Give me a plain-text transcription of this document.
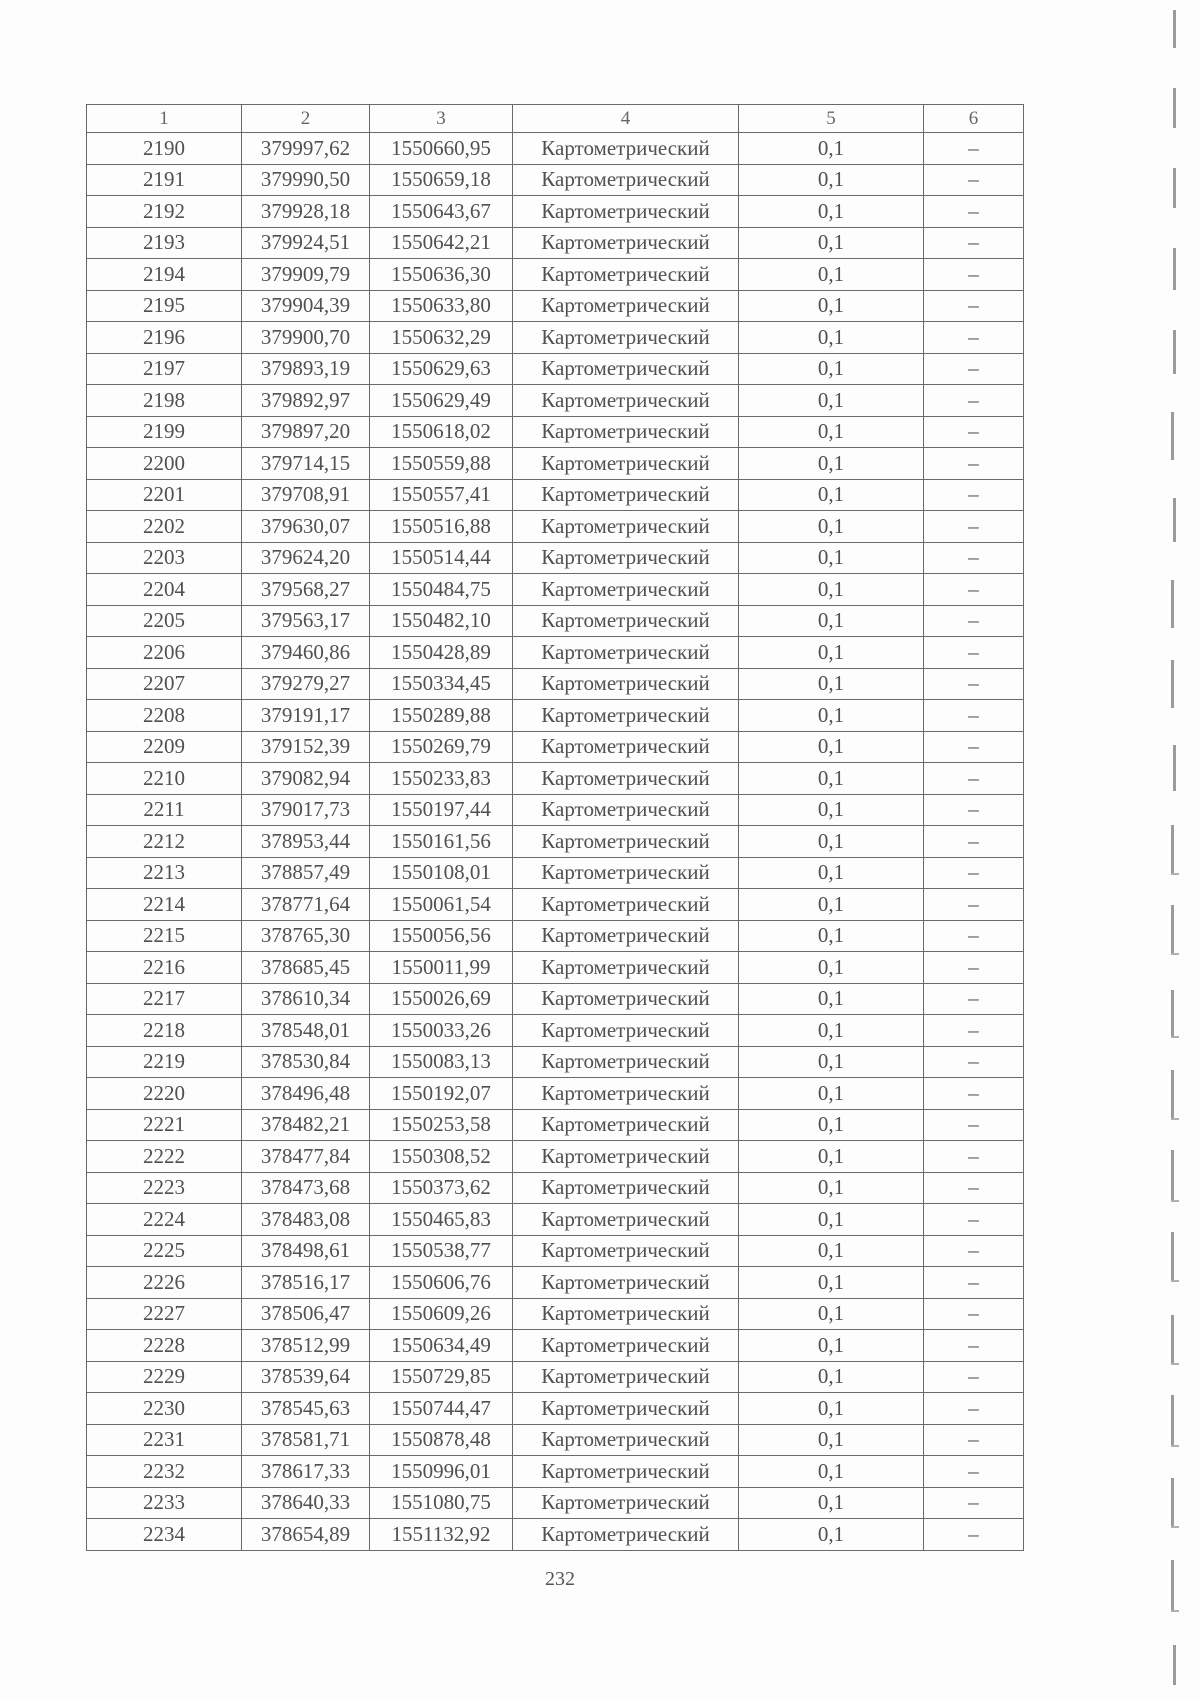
1	2	3	4	5	6
2190	379997,62	1550660,95	Картометрический	0,1	–
2191	379990,50	1550659,18	Картометрический	0,1	–
2192	379928,18	1550643,67	Картометрический	0,1	–
2193	379924,51	1550642,21	Картометрический	0,1	–
2194	379909,79	1550636,30	Картометрический	0,1	–
2195	379904,39	1550633,80	Картометрический	0,1	–
2196	379900,70	1550632,29	Картометрический	0,1	–
2197	379893,19	1550629,63	Картометрический	0,1	–
2198	379892,97	1550629,49	Картометрический	0,1	–
2199	379897,20	1550618,02	Картометрический	0,1	–
2200	379714,15	1550559,88	Картометрический	0,1	–
2201	379708,91	1550557,41	Картометрический	0,1	–
2202	379630,07	1550516,88	Картометрический	0,1	–
2203	379624,20	1550514,44	Картометрический	0,1	–
2204	379568,27	1550484,75	Картометрический	0,1	–
2205	379563,17	1550482,10	Картометрический	0,1	–
2206	379460,86	1550428,89	Картометрический	0,1	–
2207	379279,27	1550334,45	Картометрический	0,1	–
2208	379191,17	1550289,88	Картометрический	0,1	–
2209	379152,39	1550269,79	Картометрический	0,1	–
2210	379082,94	1550233,83	Картометрический	0,1	–
2211	379017,73	1550197,44	Картометрический	0,1	–
2212	378953,44	1550161,56	Картометрический	0,1	–
2213	378857,49	1550108,01	Картометрический	0,1	–
2214	378771,64	1550061,54	Картометрический	0,1	–
2215	378765,30	1550056,56	Картометрический	0,1	–
2216	378685,45	1550011,99	Картометрический	0,1	–
2217	378610,34	1550026,69	Картометрический	0,1	–
2218	378548,01	1550033,26	Картометрический	0,1	–
2219	378530,84	1550083,13	Картометрический	0,1	–
2220	378496,48	1550192,07	Картометрический	0,1	–
2221	378482,21	1550253,58	Картометрический	0,1	–
2222	378477,84	1550308,52	Картометрический	0,1	–
2223	378473,68	1550373,62	Картометрический	0,1	–
2224	378483,08	1550465,83	Картометрический	0,1	–
2225	378498,61	1550538,77	Картометрический	0,1	–
2226	378516,17	1550606,76	Картометрический	0,1	–
2227	378506,47	1550609,26	Картометрический	0,1	–
2228	378512,99	1550634,49	Картометрический	0,1	–
2229	378539,64	1550729,85	Картометрический	0,1	–
2230	378545,63	1550744,47	Картометрический	0,1	–
2231	378581,71	1550878,48	Картометрический	0,1	–
2232	378617,33	1550996,01	Картометрический	0,1	–
2233	378640,33	1551080,75	Картометрический	0,1	–
2234	378654,89	1551132,92	Картометрический	0,1	–
232
